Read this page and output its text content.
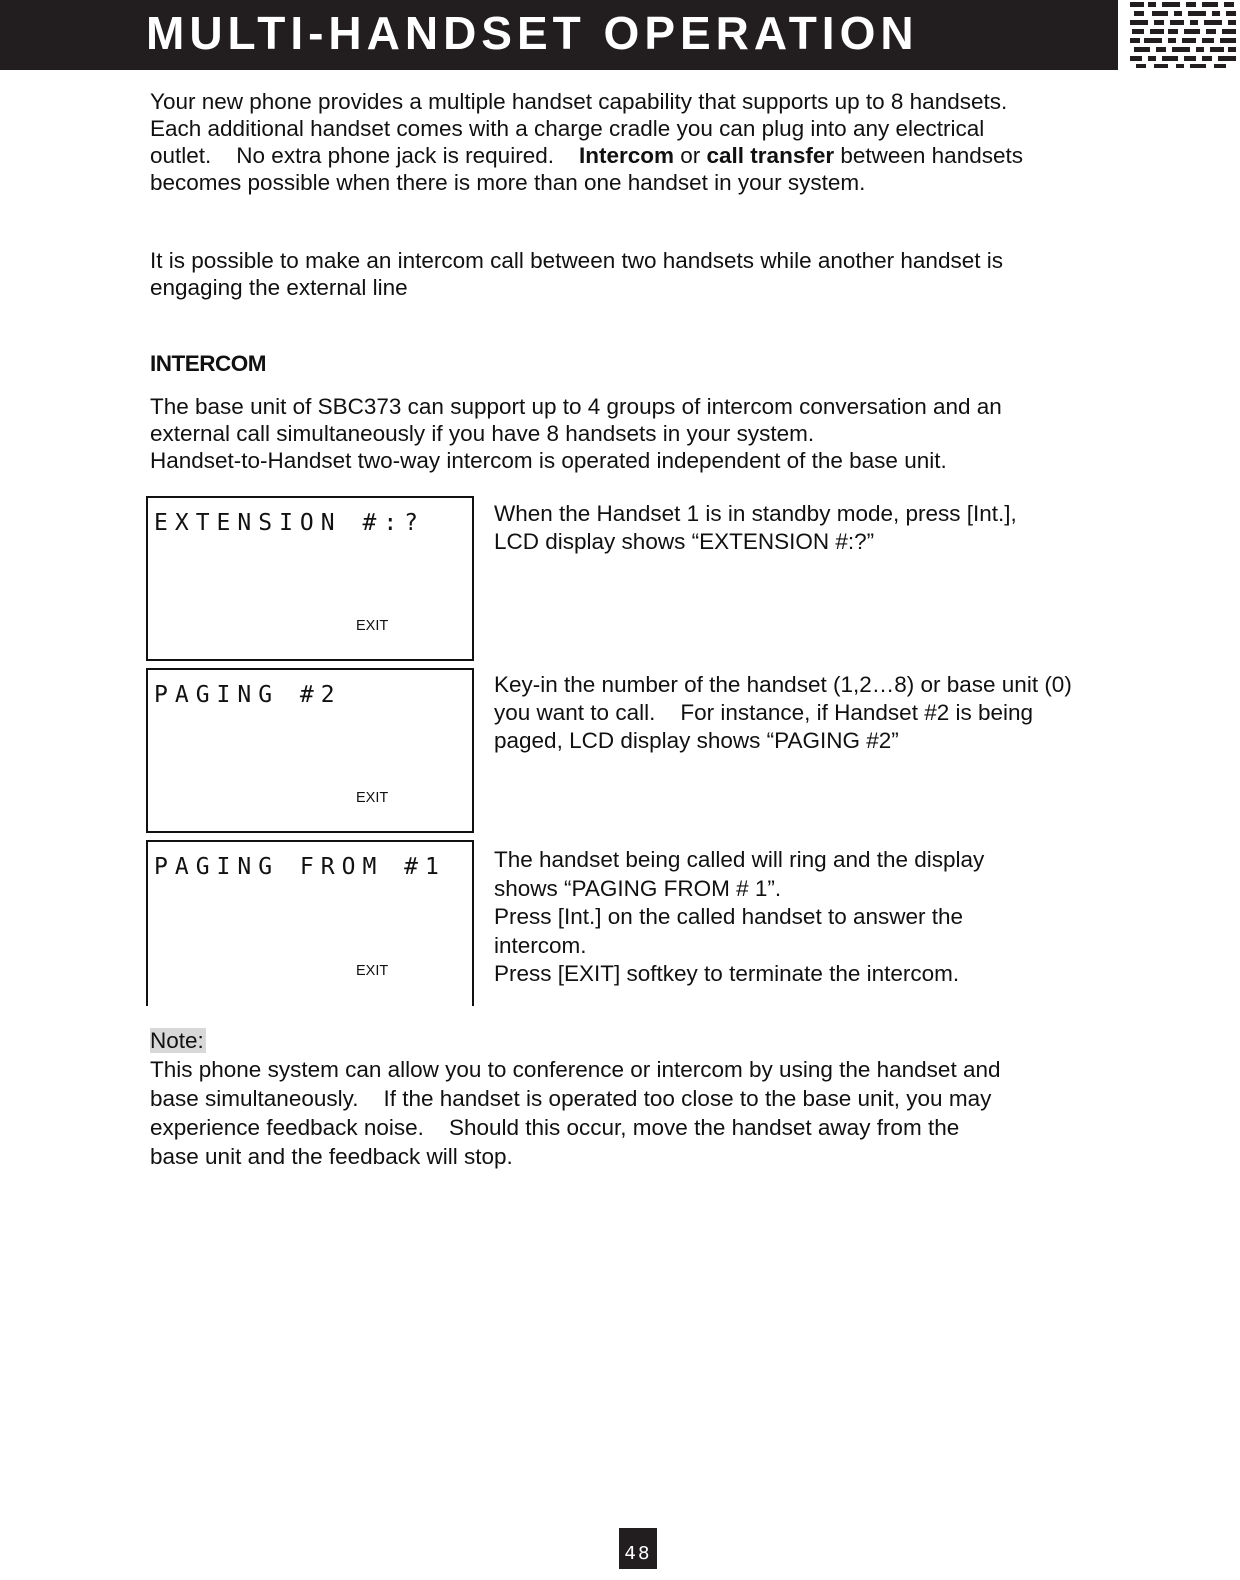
MULTI-HANDSET OPERATION
Your new phone provides a multiple handset capability that supports up to 8 handsets.
Each additional handset comes with a charge cradle you can plug into any electrical
outlet.    No extra phone jack is required.    Intercom or call transfer between handsets
becomes possible when there is more than one handset in your system.
It is possible to make an intercom call between two handsets while another handset is
engaging the external line
INTERCOM
The base unit of SBC373 can support up to 4 groups of intercom conversation and an
external call simultaneously if you have 8 handsets in your system.
Handset-to-Handset two-way intercom is operated independent of the base unit.
EXTENSION #:?
EXIT
When the Handset 1 is in standby mode, press [Int.],
LCD display shows “EXTENSION #:?”
PAGING #2
EXIT
Key-in the number of the handset (1,2…8) or base unit (0)
you want to call.    For instance, if Handset #2 is being
paged, LCD display shows “PAGING #2”
PAGING FROM #1
EXIT
The handset being called will ring and the display
shows “PAGING FROM # 1”.
Press [Int.] on the called handset to answer the
intercom.
Press [EXIT] softkey to terminate the intercom.
Note:
This phone system can allow you to conference or intercom by using the handset and
base simultaneously.    If the handset is operated too close to the base unit, you may
experience feedback noise.    Should this occur, move the handset away from the
base unit and the feedback will stop.
48
